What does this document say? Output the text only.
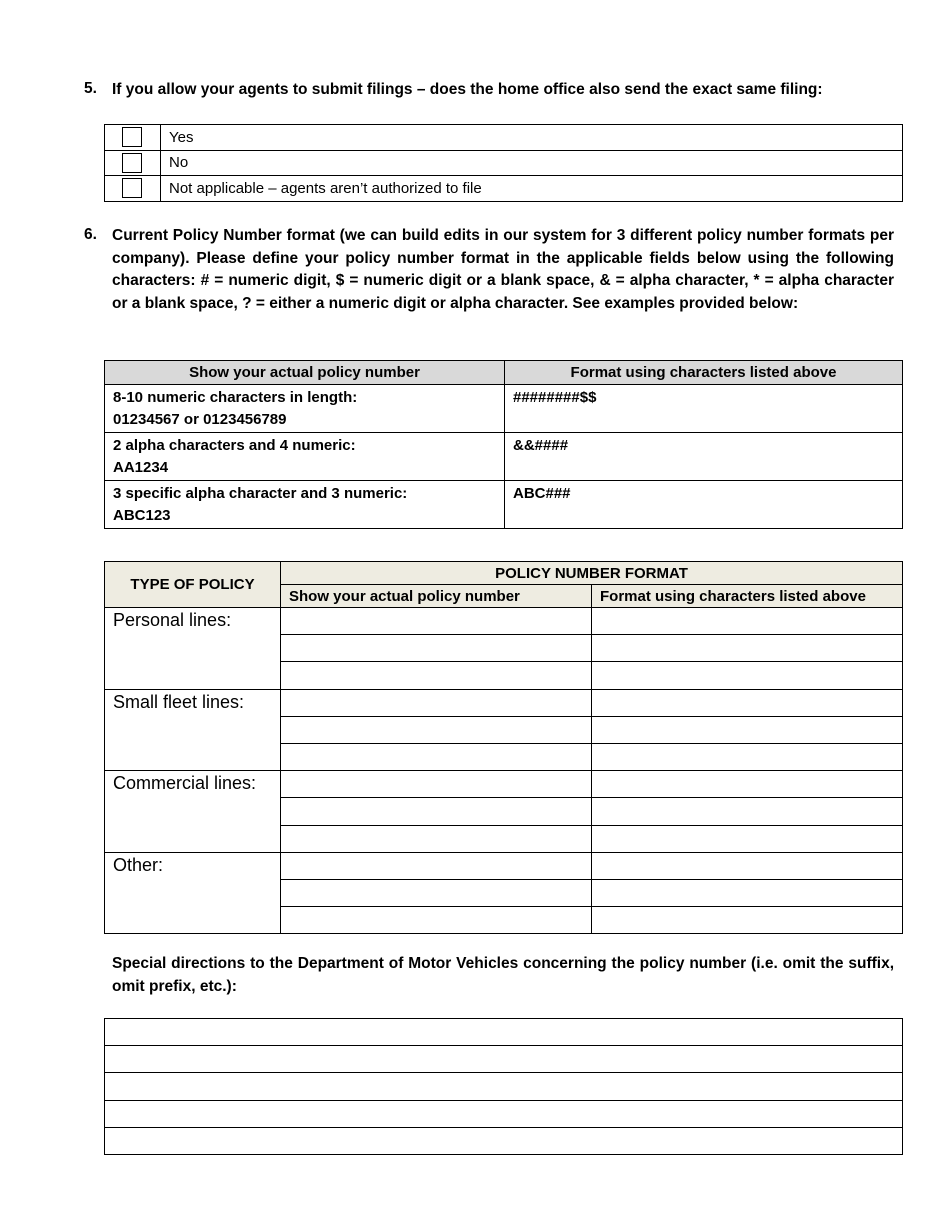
5. If you allow your agents to submit filings – does the home office also send the exact same filing:
	Yes

	No

	Not applicable – agents aren’t authorized to file
6. Current Policy Number format (we can build edits in our system for 3 different policy number formats per company). Please define your policy number format in the applicable fields below using the following characters: # = numeric digit, $ = numeric digit or a blank space, & = alpha character, * = alpha character or a blank space, ? = either a numeric digit or alpha character. See examples provided below:
Show your actual policy number	Format using characters listed above

8-10 numeric characters in length:
01234567 or 0123456789	########$$

2 alpha characters and 4 numeric:
AA1234	&&####

3 specific alpha character and 3 numeric:
ABC123	ABC###
TYPE OF POLICY	POLICY NUMBER FORMAT	
	Show your actual policy number	Format using characters listed above
Personal lines:		

Small fleet lines:		

Commercial lines:		

Other:		

Special directions to the Department of Motor Vehicles concerning the policy number (i.e. omit the suffix, omit prefix, etc.):
